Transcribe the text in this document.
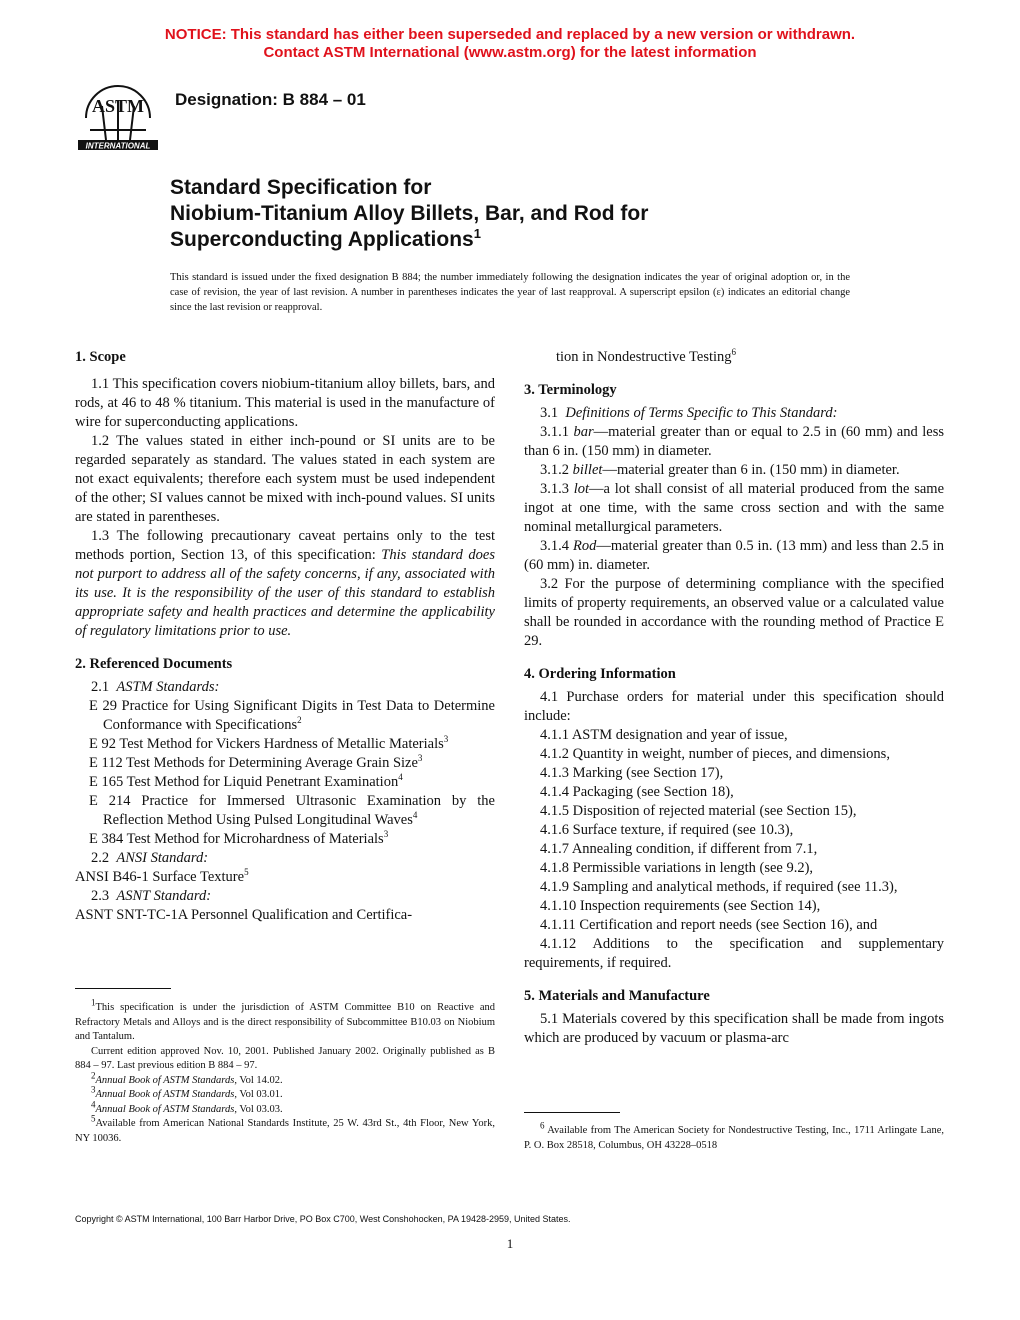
NOTICE: This standard has either been superseded and replaced by a new version or withdrawn.
Contact ASTM International (www.astm.org) for the latest information
ASTM
INTERNATIONAL
Designation: B 884 – 01
Standard Specification for
Niobium-Titanium Alloy Billets, Bar, and Rod for
Superconducting Applications$^1$
This standard is issued under the fixed designation B 884; the number immediately following the designation indicates the year of original adoption or, in the case of revision, the year of last revision. A number in parentheses indicates the year of last reapproval. A superscript epsilon (ε) indicates an editorial change since the last revision or reapproval.

1. Scope

1.1 This specification covers niobium-titanium alloy billets, bars, and rods, at 46 to 48 % titanium. This material is used in the manufacture of wire for superconducting applications.

1.2 The values stated in either inch-pound or SI units are to be regarded separately as standard. The values stated in each system are not exact equivalents; therefore each system must be used independent of the other; SI values cannot be mixed with inch-pound values. SI units are stated in parentheses.

1.3 The following precautionary caveat pertains only to the test methods portion, Section 13, of this specification: This standard does not purport to address all of the safety concerns, if any, associated with its use. It is the responsibility of the user of this standard to establish appropriate safety and health practices and determine the applicability of regulatory limitations prior to use.

2. Referenced Documents

2.1 ASTM Standards:

E 29 Practice for Using Significant Digits in Test Data to Determine Conformance with Specifications$^2$

E 92 Test Method for Vickers Hardness of Metallic Materials$^3$

E 112 Test Methods for Determining Average Grain Size$^3$

E 165 Test Method for Liquid Penetrant Examination$^4$

E 214 Practice for Immersed Ultrasonic Examination by the Reflection Method Using Pulsed Longitudinal Waves$^4$

E 384 Test Method for Microhardness of Materials$^3$

2.2 ANSI Standard:

ANSI B46-1 Surface Texture$^5$

2.3 ASNT Standard:

ASNT SNT-TC-1A Personnel Qualification and Certifica-

$^1$This specification is under the jurisdiction of ASTM Committee B10 on Reactive and Refractory Metals and Alloys and is the direct responsibility of Subcommittee B10.03 on Niobium and Tantalum.

Current edition approved Nov. 10, 2001. Published January 2002. Originally published as B 884 – 97. Last previous edition B 884 – 97.

$^2$Annual Book of ASTM Standards, Vol 14.02.

$^3$Annual Book of ASTM Standards, Vol 03.01.

$^4$Annual Book of ASTM Standards, Vol 03.03.

$^5$Available from American National Standards Institute, 25 W. 43rd St., 4th Floor, New York, NY 10036.

tion in Nondestructive Testing$^6$

3. Terminology

3.1 Definitions of Terms Specific to This Standard:

3.1.1 bar—material greater than or equal to 2.5 in (60 mm) and less than 6 in. (150 mm) in diameter.

3.1.2 billet—material greater than 6 in. (150 mm) in diameter.

3.1.3 lot—a lot shall consist of all material produced from the same ingot at one time, with the same cross section and with the same nominal metallurgical parameters.

3.1.4 Rod—material greater than 0.5 in. (13 mm) and less than 2.5 in (60 mm) in. diameter.

3.2 For the purpose of determining compliance with the specified limits of property requirements, an observed value or a calculated value shall be rounded in accordance with the rounding method of Practice E 29.

4. Ordering Information

4.1 Purchase orders for material under this specification should include:

4.1.1 ASTM designation and year of issue,

4.1.2 Quantity in weight, number of pieces, and dimensions,

4.1.3 Marking (see Section 17),

4.1.4 Packaging (see Section 18),

4.1.5 Disposition of rejected material (see Section 15),

4.1.6 Surface texture, if required (see 10.3),

4.1.7 Annealing condition, if different from 7.1,

4.1.8 Permissible variations in length (see 9.2),

4.1.9 Sampling and analytical methods, if required (see 11.3),

4.1.10 Inspection requirements (see Section 14),

4.1.11 Certification and report needs (see Section 16), and

4.1.12 Additions to the specification and supplementary requirements, if required.

5. Materials and Manufacture

5.1 Materials covered by this specification shall be made from ingots which are produced by vacuum or plasma-arc

$^6$ Available from The American Society for Nondestructive Testing, Inc., 1711 Arlingate Lane, P. O. Box 28518, Columbus, OH 43228–0518

Copyright © ASTM International, 100 Barr Harbor Drive, PO Box C700, West Conshohocken, PA 19428-2959, United States.
1
